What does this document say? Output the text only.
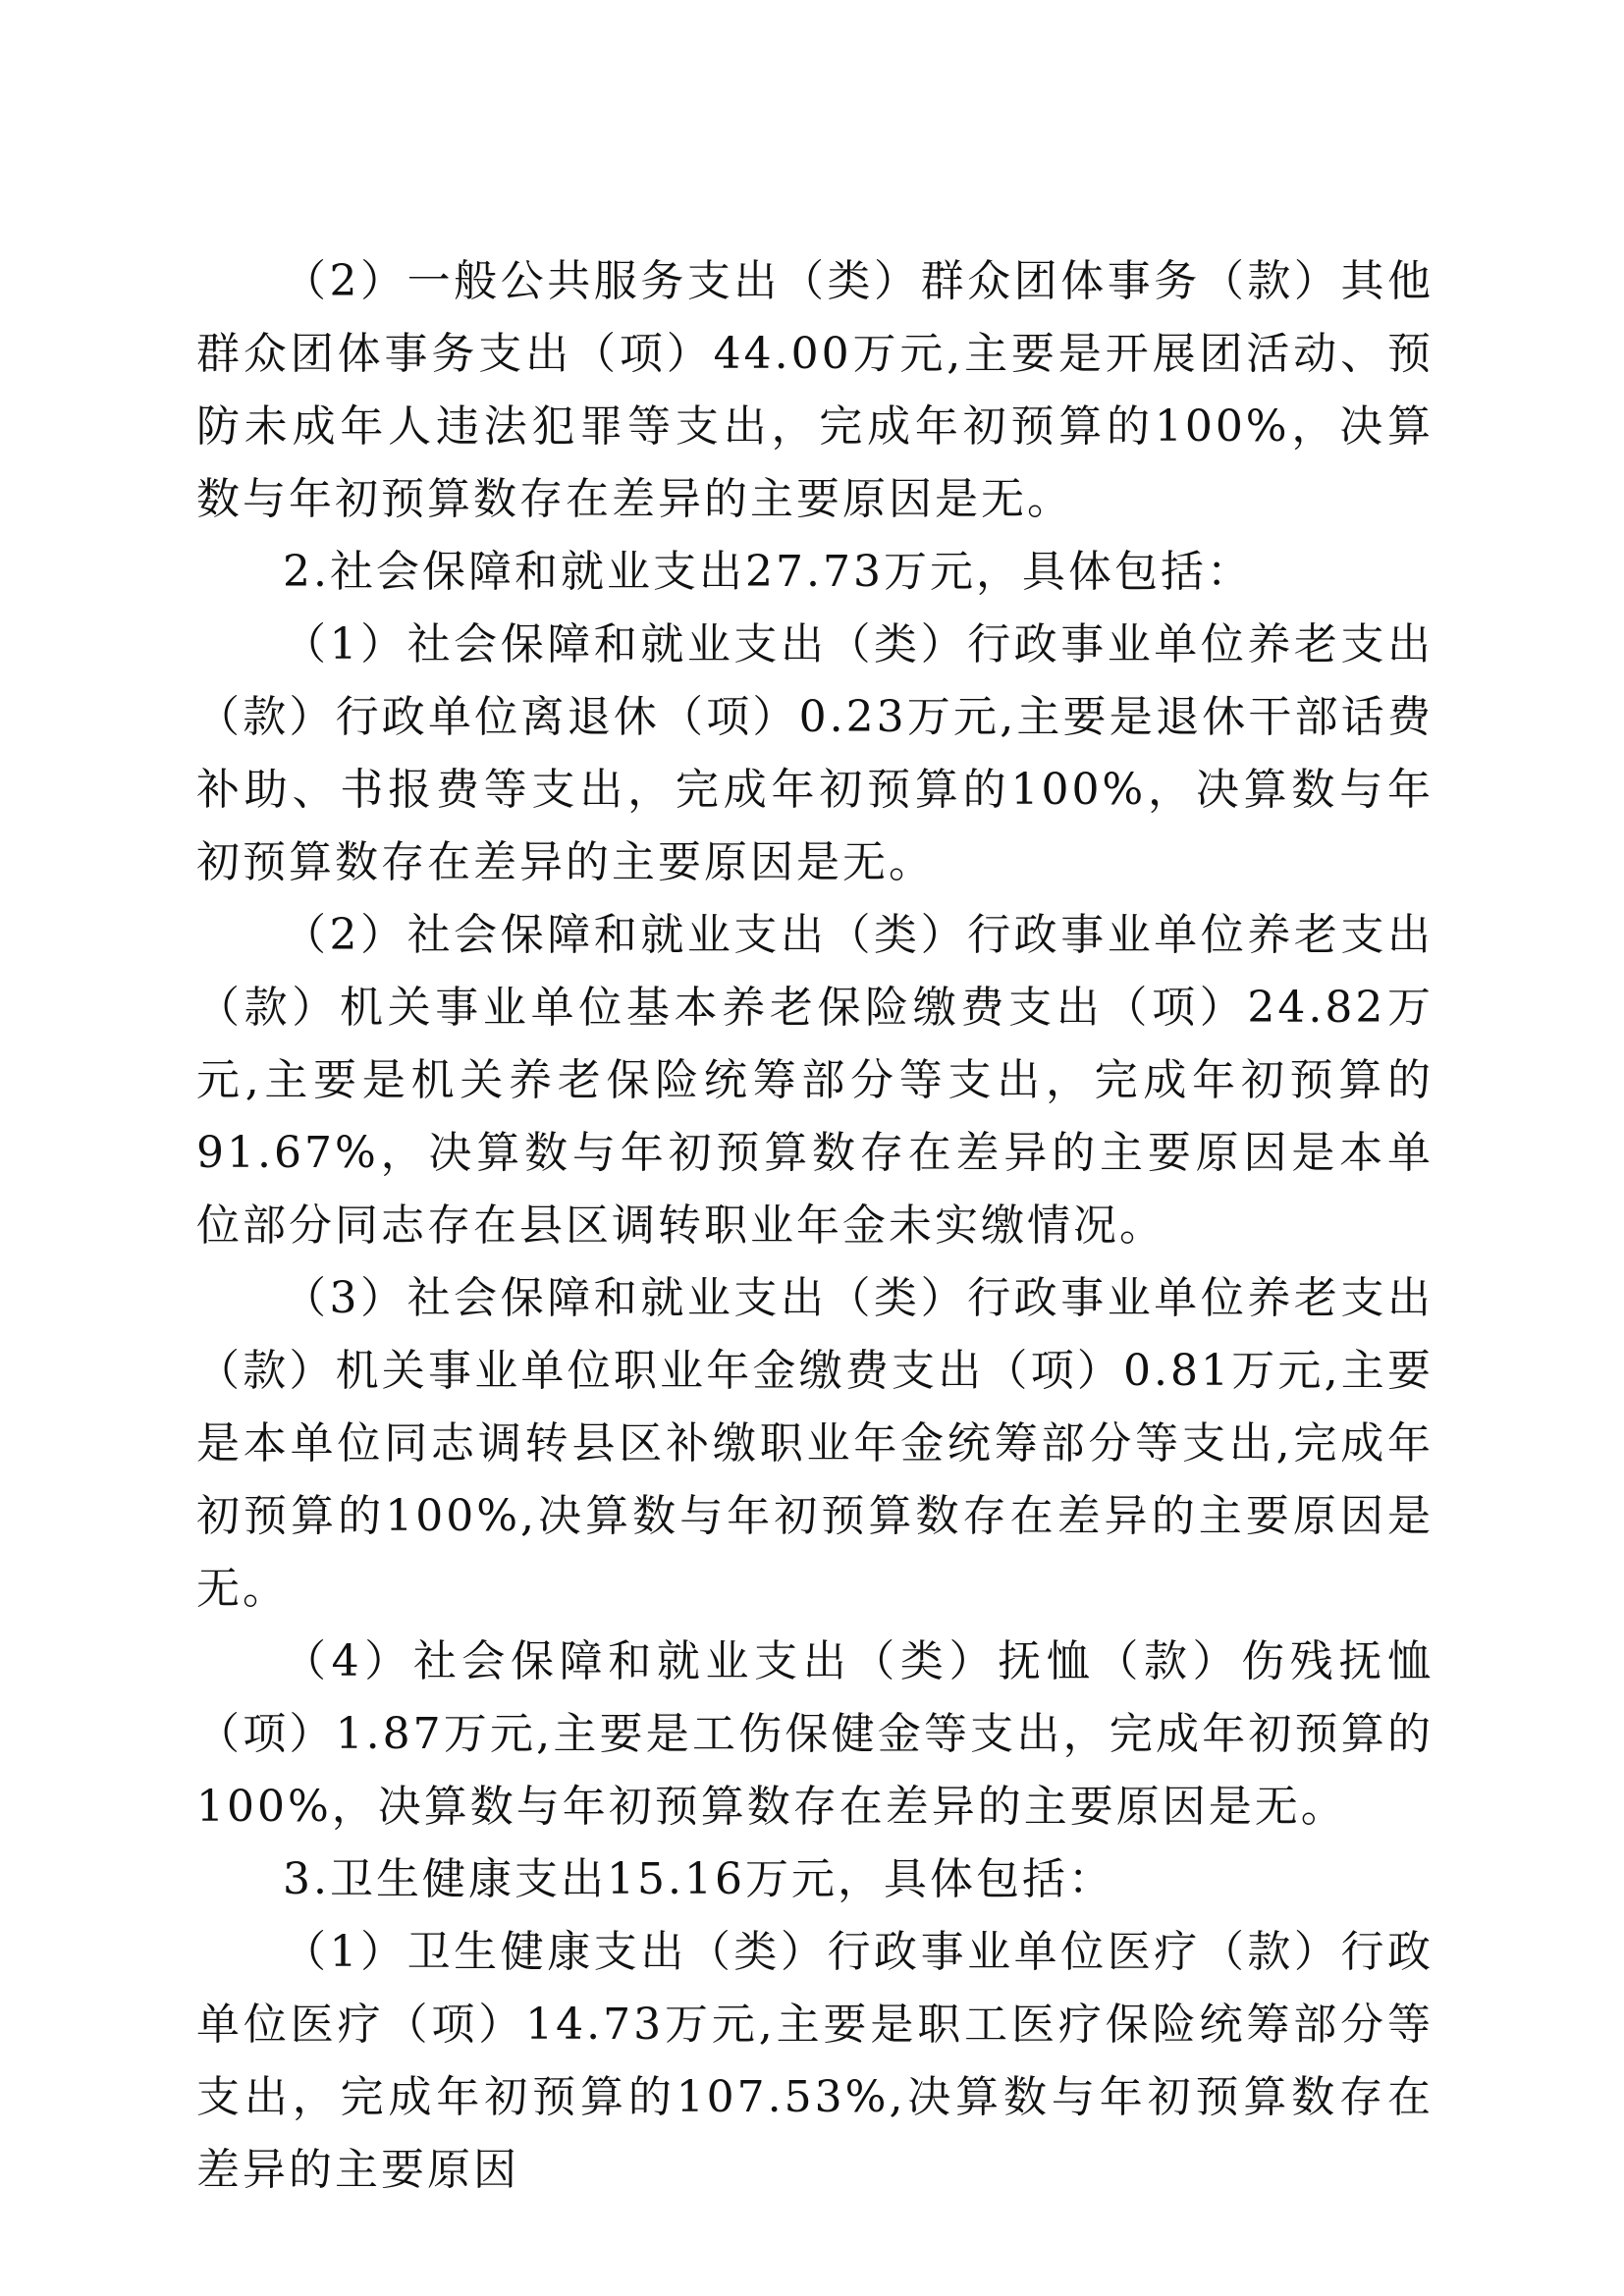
（2）一般公共服务支出（类）群众团体事务（款）其他群众团体事务支出（项）44.00万元,主要是开展团活动、预防未成年人违法犯罪等支出，完成年初预算的100%，决算数与年初预算数存在差异的主要原因是无。

2.社会保障和就业支出27.73万元，具体包括：

（1）社会保障和就业支出（类）行政事业单位养老支出（款）行政单位离退休（项）0.23万元,主要是退休干部话费补助、书报费等支出，完成年初预算的100%，决算数与年初预算数存在差异的主要原因是无。

（2）社会保障和就业支出（类）行政事业单位养老支出（款）机关事业单位基本养老保险缴费支出（项）24.82万元,主要是机关养老保险统筹部分等支出，完成年初预算的91.67%，决算数与年初预算数存在差异的主要原因是本单位部分同志存在县区调转职业年金未实缴情况。

（3）社会保障和就业支出（类）行政事业单位养老支出（款）机关事业单位职业年金缴费支出（项）0.81万元,主要是本单位同志调转县区补缴职业年金统筹部分等支出,完成年初预算的100%,决算数与年初预算数存在差异的主要原因是无。

（4）社会保障和就业支出（类）抚恤（款）伤残抚恤（项）1.87万元,主要是工伤保健金等支出，完成年初预算的100%，决算数与年初预算数存在差异的主要原因是无。

3.卫生健康支出15.16万元，具体包括：

（1）卫生健康支出（类）行政事业单位医疗（款）行政单位医疗（项）14.73万元,主要是职工医疗保险统筹部分等支出，完成年初预算的107.53%,决算数与年初预算数存在差异的主要原因
